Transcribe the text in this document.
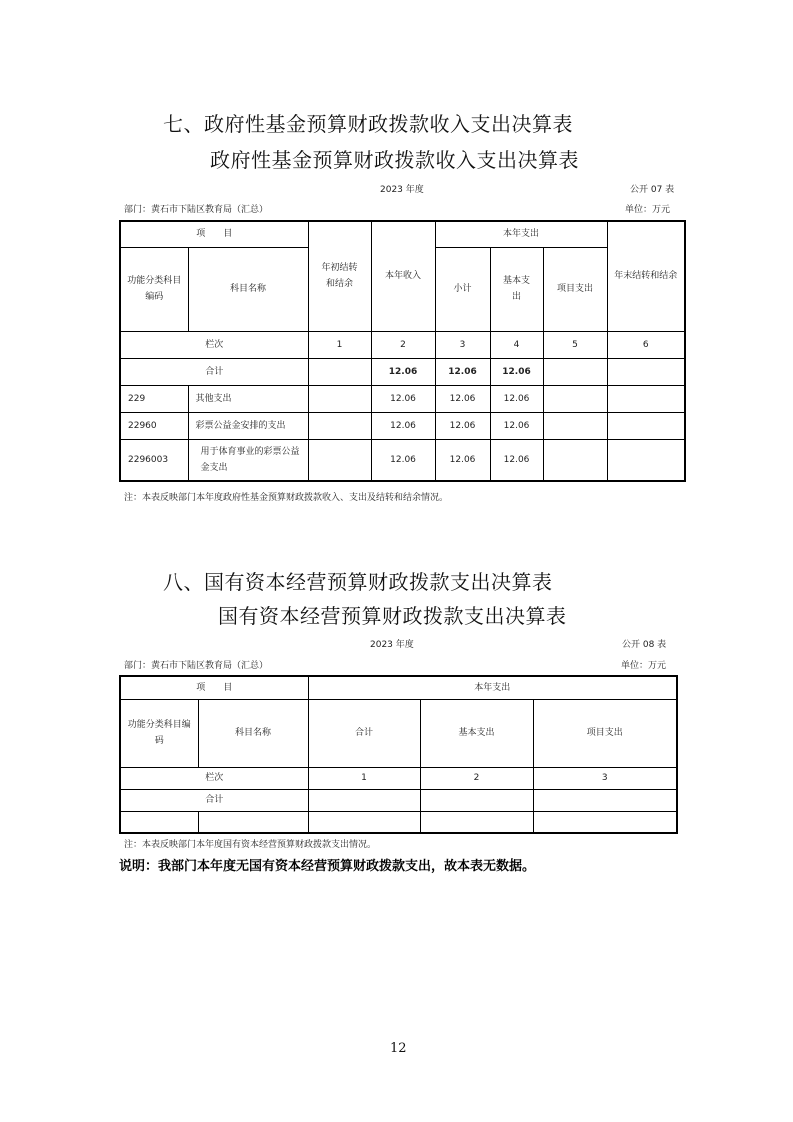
七、政府性基金预算财政拨款收入支出决算表
政府性基金预算财政拨款收入支出决算表
2023 年度	公开 07 表
部门：黄石市下陆区教育局（汇总）	单位：万元
项　　目		年初结转和结余	本年收入	本年支出			年末结转和结余
功能分类科目编码	科目名称			小计	基本支出	项目支出	
栏次		1	2	3	4	5	6
合计			12.06	12.06	12.06		
229	其他支出		12.06	12.06	12.06		
22960	彩票公益金安排的支出		12.06	12.06	12.06		
2296003	用于体育事业的彩票公益金支出		12.06	12.06	12.06		
注：本表反映部门本年度政府性基金预算财政拨款收入、支出及结转和结余情况。
八、国有资本经营预算财政拨款支出决算表
国有资本经营预算财政拨款支出决算表
2023 年度	公开 08 表
部门：黄石市下陆区教育局（汇总）	单位：万元
项　　目		本年支出		
功能分类科目编码	科目名称	合计	基本支出	项目支出
栏次		1	2	3
合计				

注：本表反映部门本年度国有资本经营预算财政拨款支出情况。
说明：我部门本年度无国有资本经营预算财政拨款支出，故本表无数据。
12
